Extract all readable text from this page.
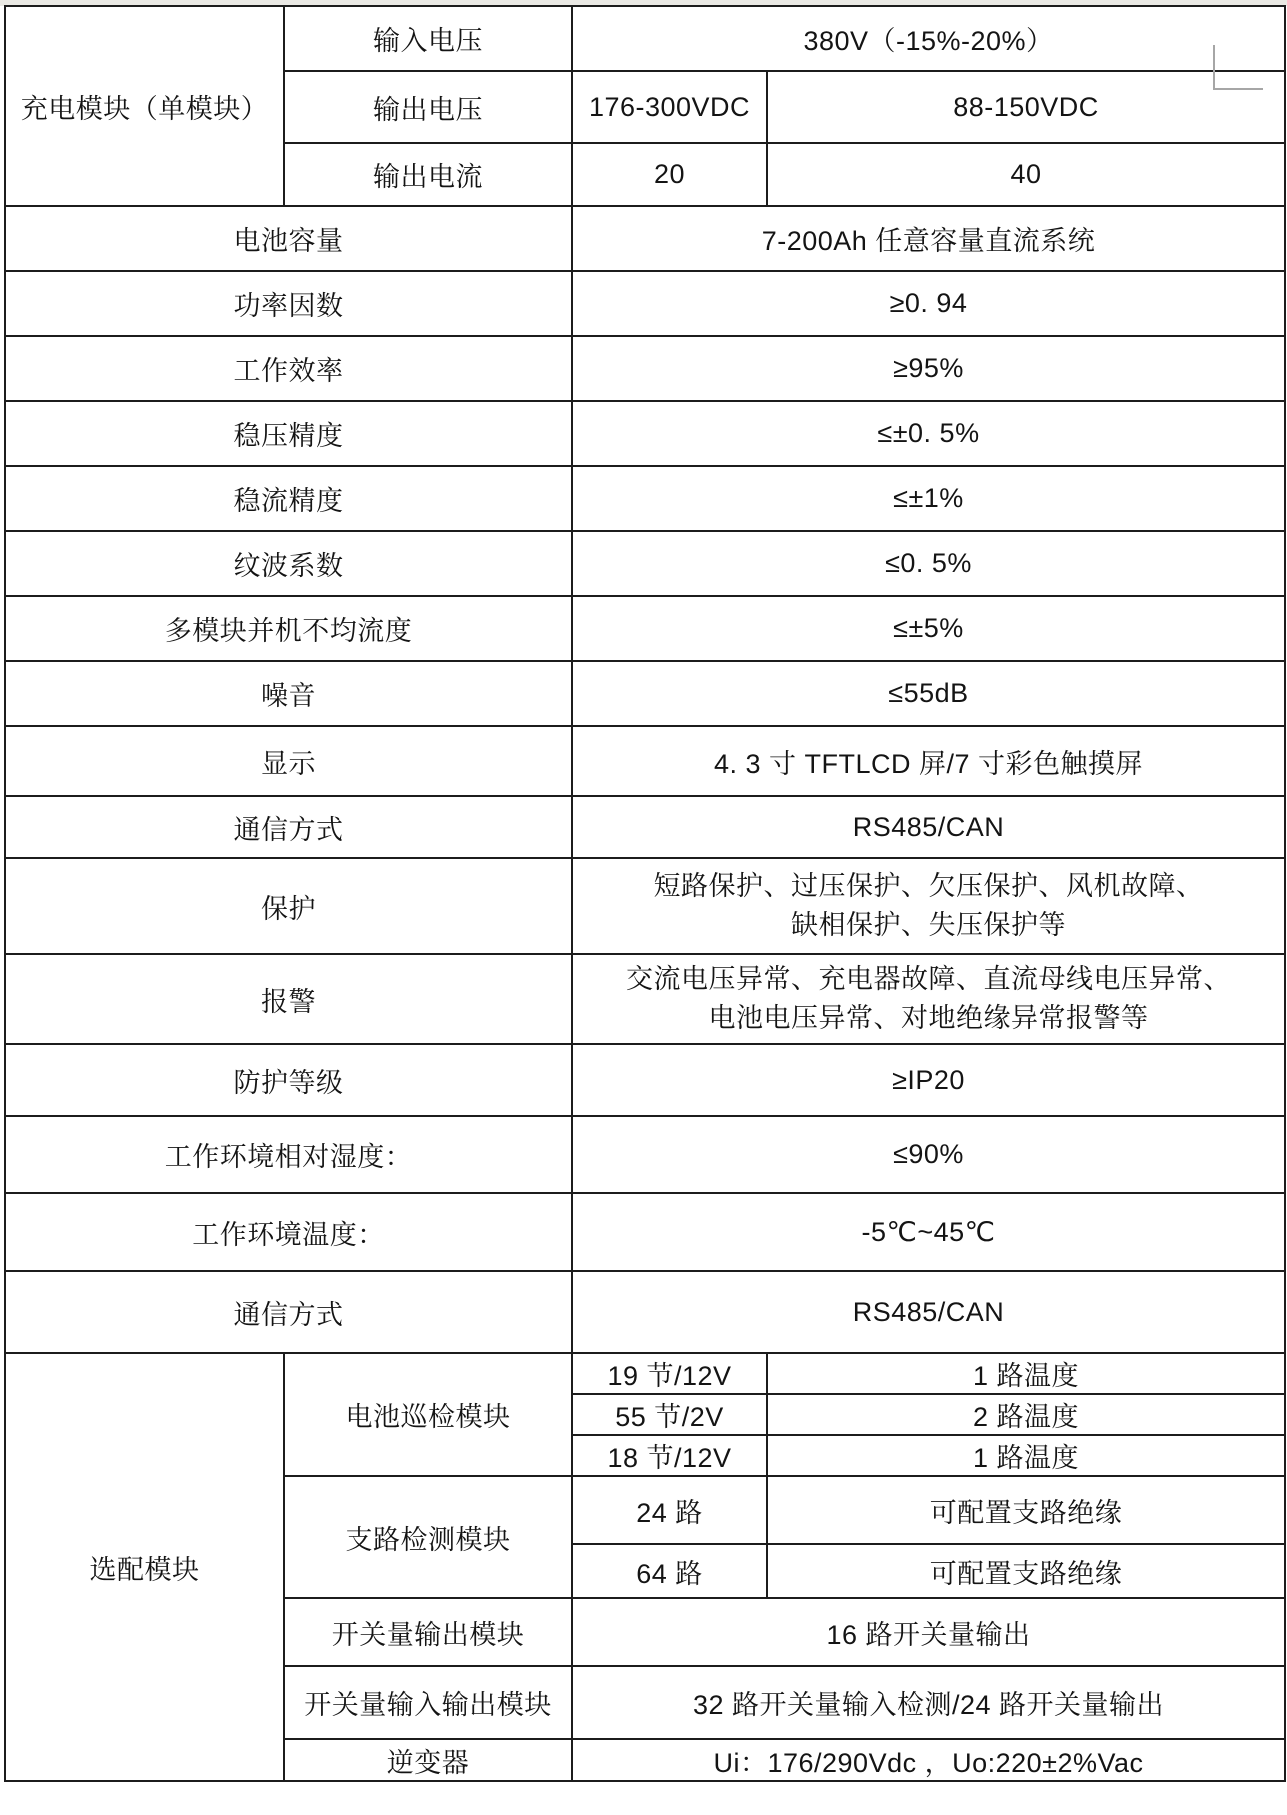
充电模块（单模块）	输入电压	380V（-15%-20%）	
	输出电压	176-300VDC	88-150VDC
	输出电流	20	40
电池容量		7-200Ah 任意容量直流系统	
功率因数		≥0. 94	
工作效率		≥95%	
稳压精度		≤±0. 5%	
稳流精度		≤±1%	
纹波系数		≤0. 5%	
多模块并机不均流度		≤±5%	
噪音		≤55dB	
显示		4. 3 寸 TFTLCD 屏/7 寸彩色触摸屏	
通信方式		RS485/CAN	
保护		短路保护、过压保护、欠压保护、风机故障、
缺相保护、失压保护等	

报警		交流电压异常、充电器故障、直流母线电压异常、
电池电压异常、对地绝缘异常报警等	

防护等级		≥IP20	
工作环境相对湿度：		≤90%	
工作环境温度：		-5℃~45℃	
通信方式		RS485/CAN	
选配模块	电池巡检模块	19 节/12V	1 路温度
		55 节/2V	2 路温度
		18 节/12V	1 路温度
	支路检测模块	24 路	可配置支路绝缘
		64 路	可配置支路绝缘
	开关量输出模块	16 路开关量输出	
	开关量输入输出模块	32 路开关量输入检测/24 路开关量输出	
	逆变器	Ui：176/290Vdc ，Uo:220±2%Vac	
